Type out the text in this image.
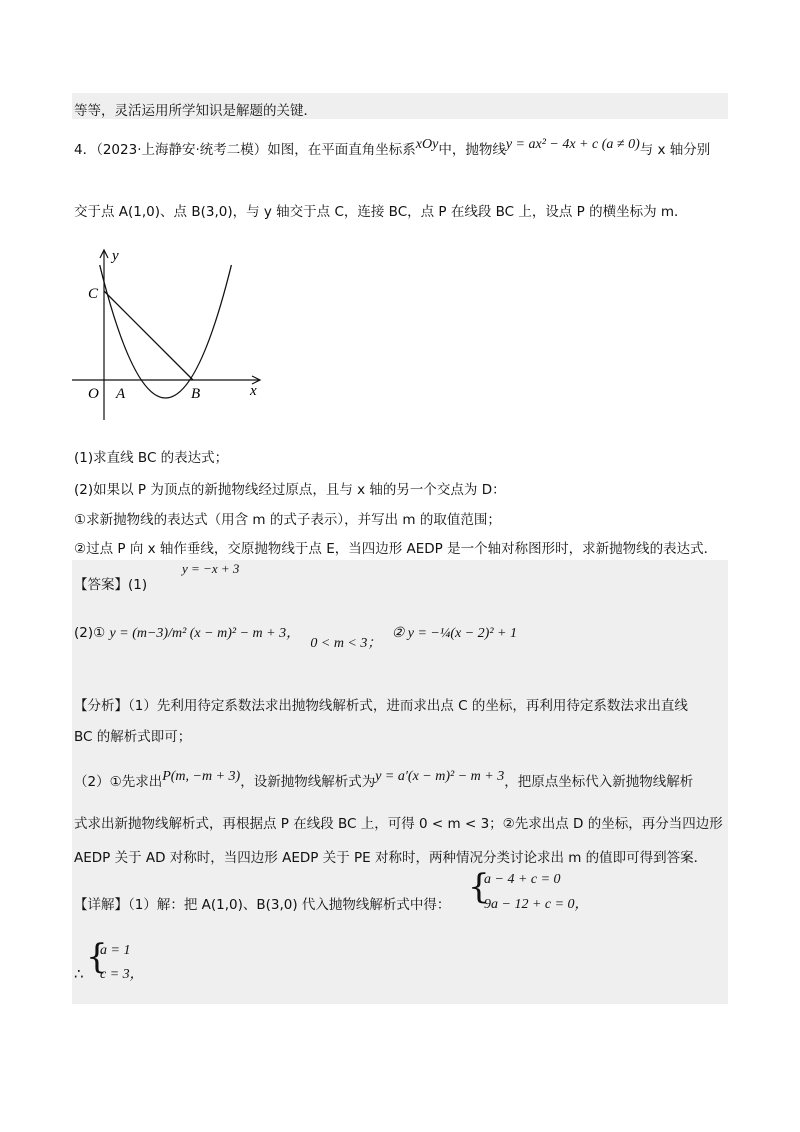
等等，灵活运用所学知识是解题的关键．
4．（2023·上海静安·统考二模）如图，在平面直角坐标系xOy中，抛物线y = ax² − 4x + c (a ≠ 0)与 x 轴分别
交于点 A(1,0)、点 B(3,0)，与 y 轴交于点 C，连接 BC，点 P 在线段 BC 上，设点 P 的横坐标为 m．
y
x
O A	B
C
(1)求直线 BC 的表达式；
(2)如果以 P 为顶点的新抛物线经过原点，且与 x 轴的另一个交点为 D：
①求新抛物线的表达式（用含 m 的式子表示），并写出 m 的取值范围；
②过点 P 向 x 轴作垂线，交原抛物线于点 E，当四边形 AEDP 是一个轴对称图形时，求新抛物线的表达式．
【答案】(1)
y = −x + 3
(2)① y = (m−3)/m² (x − m)² − m + 3， 0 < m < 3； ② y = −¼(x − 2)² + 1
【分析】（1）先利用待定系数法求出抛物线解析式，进而求出点 C 的坐标，再利用待定系数法求出直线
BC 的解析式即可；
（2）①先求出P(m, −m + 3)，设新抛物线解析式为y = a′(x − m)² − m + 3，把原点坐标代入新抛物线解析
式求出新抛物线解析式，再根据点 P 在线段 BC 上，可得 0 < m < 3；②先求出点 D 的坐标，再分当四边形
AEDP 关于 AD 对称时，当四边形 AEDP 关于 PE 对称时，两种情况分类讨论求出 m 的值即可得到答案．
【详解】（1）解：把 A(1,0)、B(3,0) 代入抛物线解析式中得： {
a − 4 + c = 0
9a − 12 + c = 0，
∴ {
a = 1
c = 3，
